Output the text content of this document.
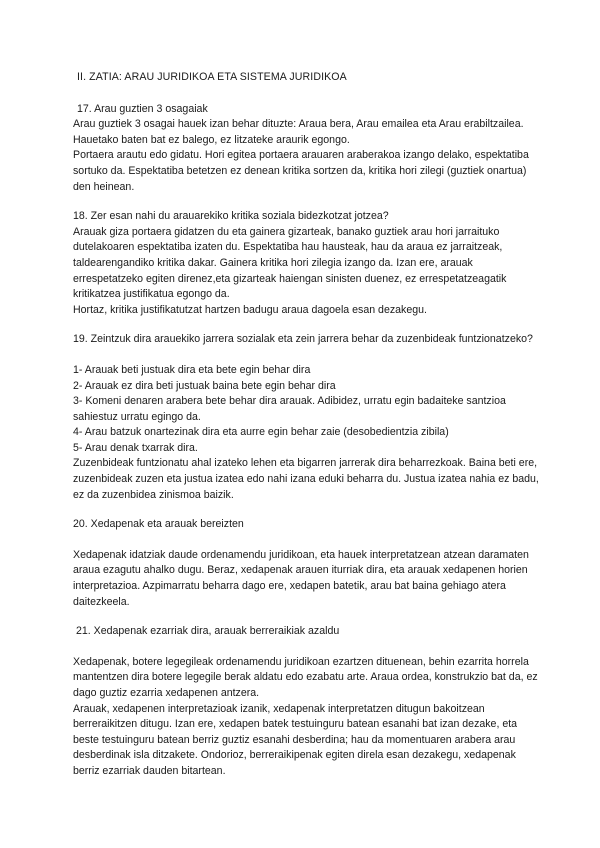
II. ZATIA: ARAU JURIDIKOA ETA SISTEMA JURIDIKOA
17. Arau guztien 3 osagaiak

Arau guztiek 3 osagai hauek izan behar dituzte: Araua bera, Arau emailea eta Arau erabiltzailea. Hauetako baten bat ez balego, ez litzateke araurik egongo.

Portaera arautu edo gidatu. Hori egitea portaera arauaren araberakoa izango delako, espektatiba sortuko da. Espektatiba betetzen ez denean kritika sortzen da, kritika hori zilegi (guztiek onartua) den heinean.

18. Zer esan nahi du arauarekiko kritika soziala bidezkotzat jotzea?

Arauak giza portaera gidatzen du eta gainera gizarteak, banako guztiek arau hori jarraituko dutelakoaren espektatiba izaten du. Espektatiba hau hausteak, hau da araua ez jarraitzeak, taldearengandiko kritika dakar. Gainera kritika hori zilegia izango da. Izan ere, arauak errespetatzeko egiten direnez,eta gizarteak haiengan sinisten duenez, ez errespetatzeagatik kritikatzea justifikatua egongo da.

Hortaz, kritika justifikatutzat hartzen badugu araua dagoela esan dezakegu.

19. Zeintzuk dira arauekiko jarrera sozialak eta zein jarrera behar da zuzenbideak funtzionatzeko?

1- Arauak beti justuak dira eta bete egin behar dira

2- Arauak ez dira beti justuak baina bete egin behar dira

3- Komeni denaren arabera bete behar dira arauak. Adibidez, urratu egin badaiteke santzioa sahiestuz urratu egingo da.

4- Arau batzuk onartezinak dira eta aurre egin behar zaie (desobedientzia zibila)

5- Arau denak txarrak dira.

Zuzenbideak funtzionatu ahal izateko lehen eta bigarren jarrerak dira beharrezkoak. Baina beti ere, zuzenbideak zuzen eta justua izatea edo nahi izana eduki beharra du. Justua izatea nahia ez badu, ez da zuzenbidea zinismoa baizik.

20. Xedapenak eta arauak bereizten

Xedapenak idatziak daude ordenamendu juridikoan, eta hauek interpretatzean atzean daramaten araua ezagutu ahalko dugu. Beraz, xedapenak arauen iturriak dira, eta arauak xedapenen horien interpretazioa. Azpimarratu beharra dago ere, xedapen batetik, arau bat baina gehiago atera daitezkeela.

21. Xedapenak ezarriak dira, arauak berreraikiak azaldu

Xedapenak, botere legegileak ordenamendu juridikoan ezartzen dituenean, behin ezarrita horrela mantentzen dira botere legegile berak aldatu edo ezabatu arte. Araua ordea, konstrukzio bat da, ez dago guztiz ezarria xedapenen antzera.

Arauak, xedapenen interpretazioak izanik, xedapenak interpretatzen ditugun bakoitzean berreraikitzen ditugu. Izan ere, xedapen batek testuinguru batean esanahi bat izan dezake, eta beste testuinguru batean berriz guztiz esanahi desberdina; hau da momentuaren arabera arau desberdinak isla ditzakete. Ondorioz, berreraikipenak egiten direla esan dezakegu, xedapenak berriz ezarriak dauden bitartean.
